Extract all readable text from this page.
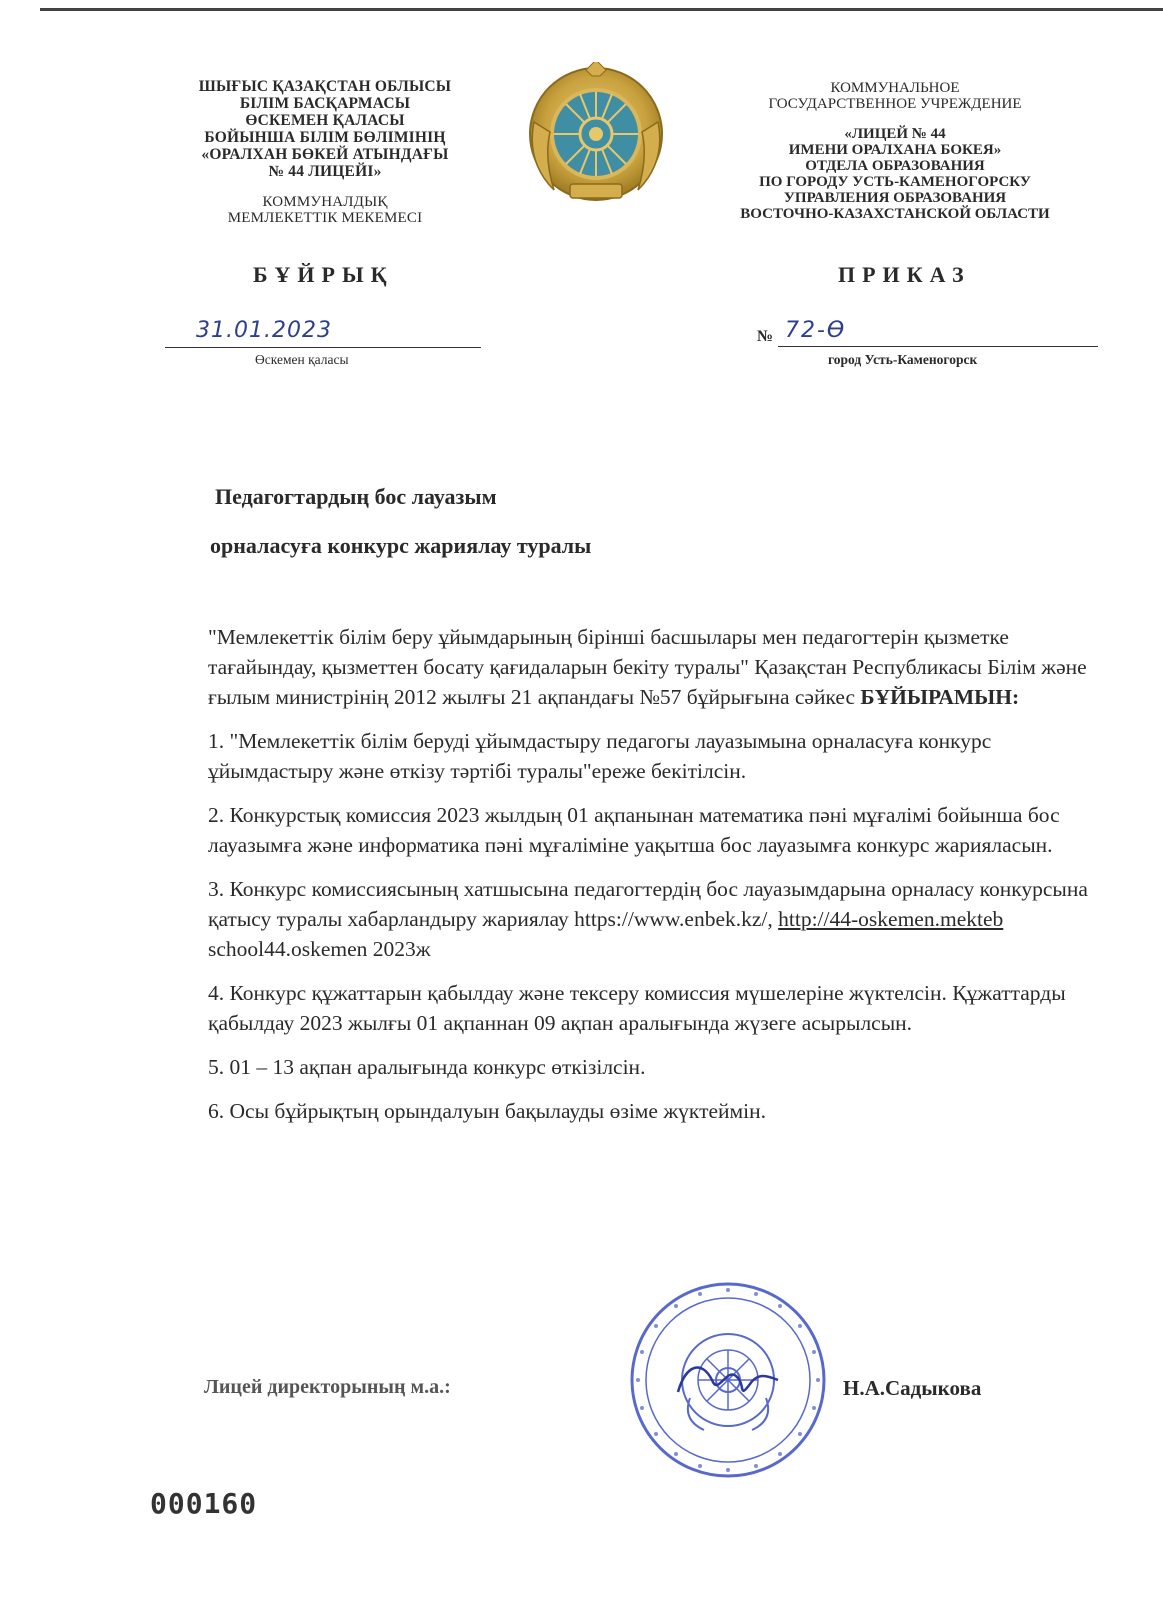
ШЫҒЫС ҚАЗАҚСТАН ОБЛЫСЫ
БІЛІМ БАСҚАРМАСЫ
ӨСКЕМЕН ҚАЛАСЫ
БОЙЫНША БІЛІМ БӨЛІМІНІҢ
«ОРАЛХАН БӨКЕЙ АТЫНДАҒЫ
№ 44 ЛИЦЕЙІ»
КОММУНАЛДЫҚ
МЕМЛЕКЕТТІК МЕКЕМЕСІ
КОММУНАЛЬНОЕ
ГОСУДАРСТВЕННОЕ УЧРЕЖДЕНИЕ
«ЛИЦЕЙ № 44
ИМЕНИ ОРАЛХАНА БОКЕЯ»
ОТДЕЛА ОБРАЗОВАНИЯ
ПО ГОРОДУ УСТЬ-КАМЕНОГОРСКУ
УПРАВЛЕНИЯ ОБРАЗОВАНИЯ
ВОСТОЧНО-КАЗАХСТАНСКОЙ ОБЛАСТИ
БҰЙРЫҚ	ПРИКАЗ
31.01.2023
Өскемен қаласы
№ 72-Ө
город Усть-Каменогорск
Педагогтардың бос лауазым
орналасуға конкурс жариялау туралы

"Мемлекеттік білім беру ұйымдарының бірінші басшылары мен педагогтерін қызметке тағайындау, қызметтен босату қағидаларын бекіту туралы" Қазақстан Республикасы Білім және ғылым министрінің 2012 жылғы 21 ақпандағы №57 бұйрығына сәйкес БҰЙЫРАМЫН:

1. "Мемлекеттік білім беруді ұйымдастыру педагогы лауазымына орналасуға конкурс ұйымдастыру және өткізу тәртібі туралы"ереже бекітілсін.

2. Конкурстық комиссия 2023 жылдың 01 ақпанынан математика пәні мұғалімі бойынша бос лауазымға және информатика пәні мұғаліміне уақытша бос лауазымға конкурс жарияласын.

3. Конкурс комиссиясының хатшысына педагогтердің бос лауазымдарына орналасу конкурсына қатысу туралы хабарландыру жариялау https://www.enbek.kz/, http://44-oskemen.mekteb school44.oskemen 2023ж

4. Конкурс құжаттарын қабылдау және тексеру комиссия мүшелеріне жүктелсін. Құжаттарды қабылдау 2023 жылғы 01 ақпаннан 09 ақпан аралығында жүзеге асырылсын.

5. 01 – 13 ақпан аралығында конкурс өткізілсін.

6. Осы бұйрықтың орындалуын бақылауды өзіме жүктеймін.

Лицей директорының м.а.:	Н.А.Садыкова
000160
